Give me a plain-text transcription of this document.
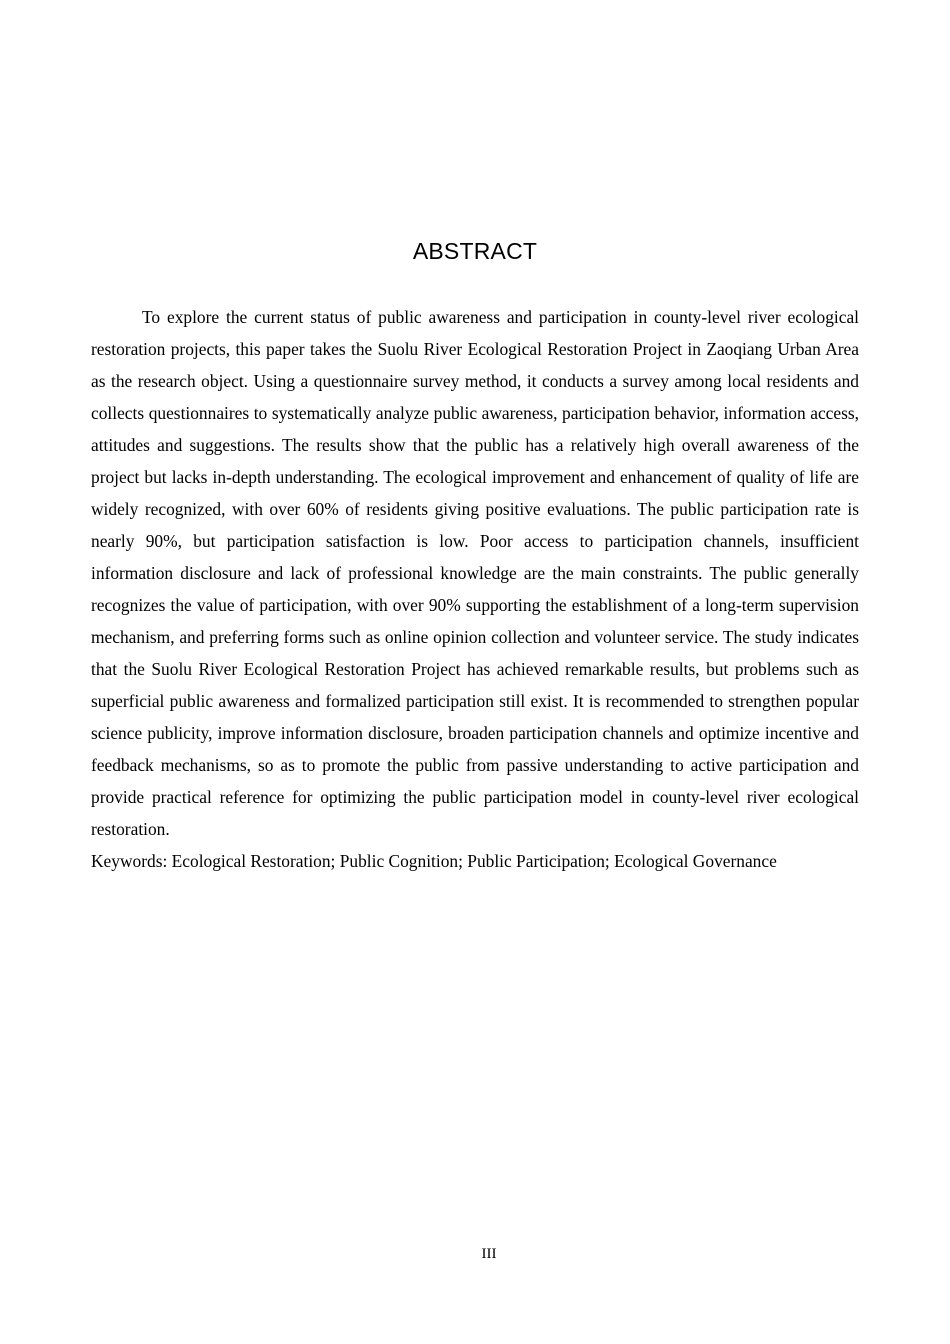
ABSTRACT

To explore the current status of public awareness and participation in county-level river ecological restoration projects, this paper takes the Suolu River Ecological Restoration Project in Zaoqiang Urban Area as the research object. Using a questionnaire survey method, it conducts a survey among local residents and collects questionnaires to systematically analyze public awareness, participation behavior, information access, attitudes and suggestions. The results show that the public has a relatively high overall awareness of the project but lacks in-depth understanding. The ecological improvement and enhancement of quality of life are widely recognized, with over 60% of residents giving positive evaluations. The public participation rate is nearly 90%, but participation satisfaction is low. Poor access to participation channels, insufficient information disclosure and lack of professional knowledge are the main constraints. The public generally recognizes the value of participation, with over 90% supporting the establishment of a long-term supervision mechanism, and preferring forms such as online opinion collection and volunteer service. The study indicates that the Suolu River Ecological Restoration Project has achieved remarkable results, but problems such as superficial public awareness and formalized participation still exist. It is recommended to strengthen popular science publicity, improve information disclosure, broaden participation channels and optimize incentive and feedback mechanisms, so as to promote the public from passive understanding to active participation and provide practical reference for optimizing the public participation model in county-level river ecological restoration.

Keywords: Ecological Restoration; Public Cognition; Public Participation; Ecological Governance

III
